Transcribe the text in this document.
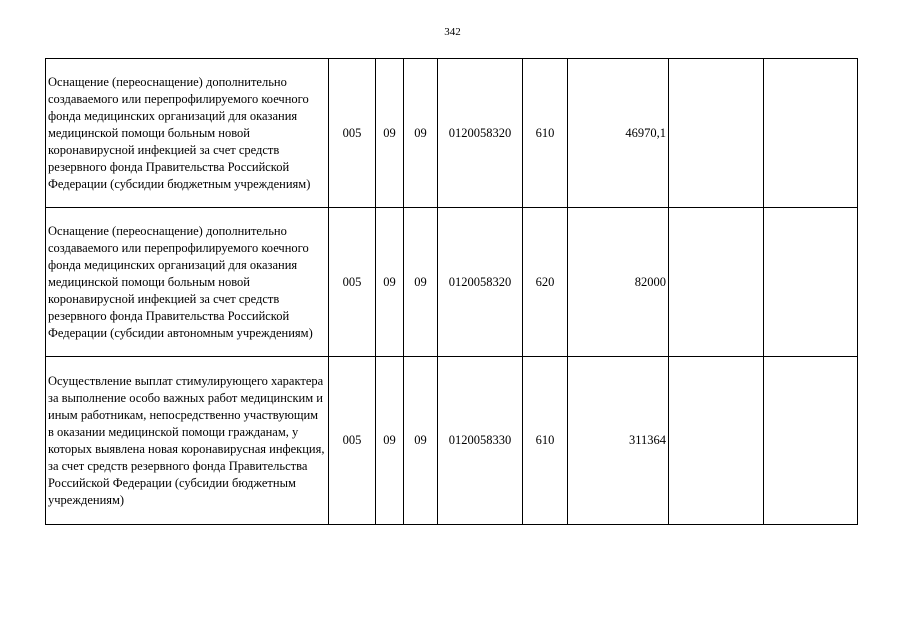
342
Оснащение (переоснащение) дополнительно создаваемого или перепрофилируемого коечного фонда медицинских организаций для оказания медицинской помощи больным новой коронавирусной инфекцией за счет средств резервного фонда Правительства Российской Федерации (субсидии бюджетным учреждениям)	005	09	09	0120058320	610	46970,1		
Оснащение (переоснащение) дополнительно создаваемого или перепрофилируемого коечного фонда медицинских организаций для оказания медицинской помощи больным новой коронавирусной инфекцией за счет средств резервного фонда Правительства Российской Федерации (субсидии автономным учреждениям)	005	09	09	0120058320	620	82000		
Осуществление выплат стимулирующего характера за выполнение особо важных работ медицинским и иным работникам, непосредственно участвующим в оказании медицинской помощи гражданам, у которых выявлена новая коронавирусная инфекция, за счет средств резервного фонда Правительства Российской Федерации (субсидии бюджетным учреждениям)	005	09	09	0120058330	610	311364		
